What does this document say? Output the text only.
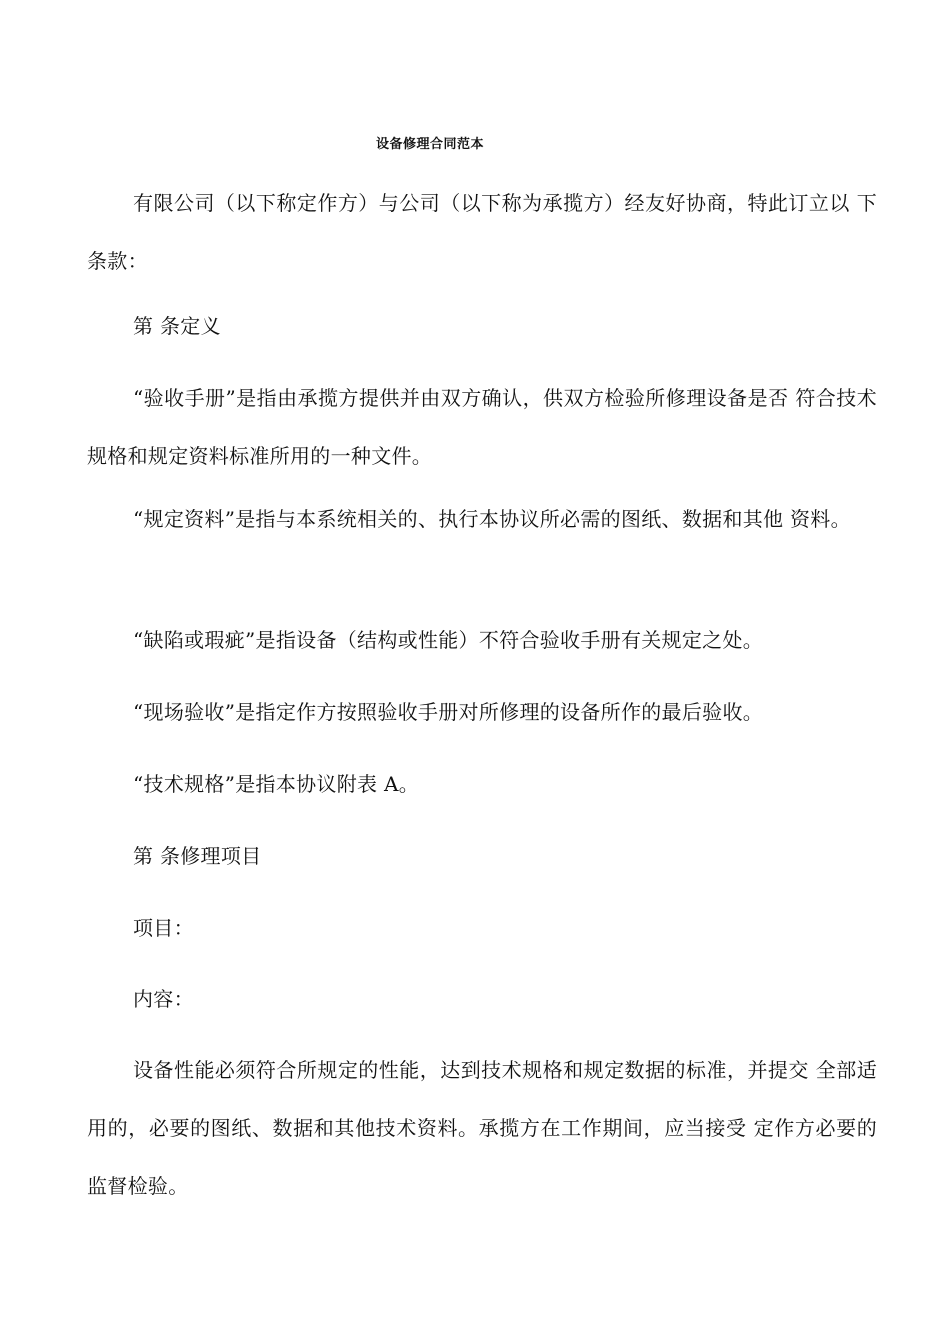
设备修理合同范本

有限公司（以下称定作方）与公司（以下称为承揽方）经友好协商，特此订立以 下条款：

第 条定义

“验收手册”是指由承揽方提供并由双方确认，供双方检验所修理设备是否 符合技术规格和规定资料标准所用的一种文件。

“规定资料”是指与本系统相关的、执行本协议所必需的图纸、数据和其他 资料。

“缺陷或瑕疵”是指设备（结构或性能）不符合验收手册有关规定之处。

“现场验收”是指定作方按照验收手册对所修理的设备所作的最后验收。

“技术规格”是指本协议附表 A。

第 条修理项目

项目：

内容：

设备性能必须符合所规定的性能，达到技术规格和规定数据的标准，并提交 全部适用的，必要的图纸、数据和其他技术资料。承揽方在工作期间，应当接受 定作方必要的监督检验。
